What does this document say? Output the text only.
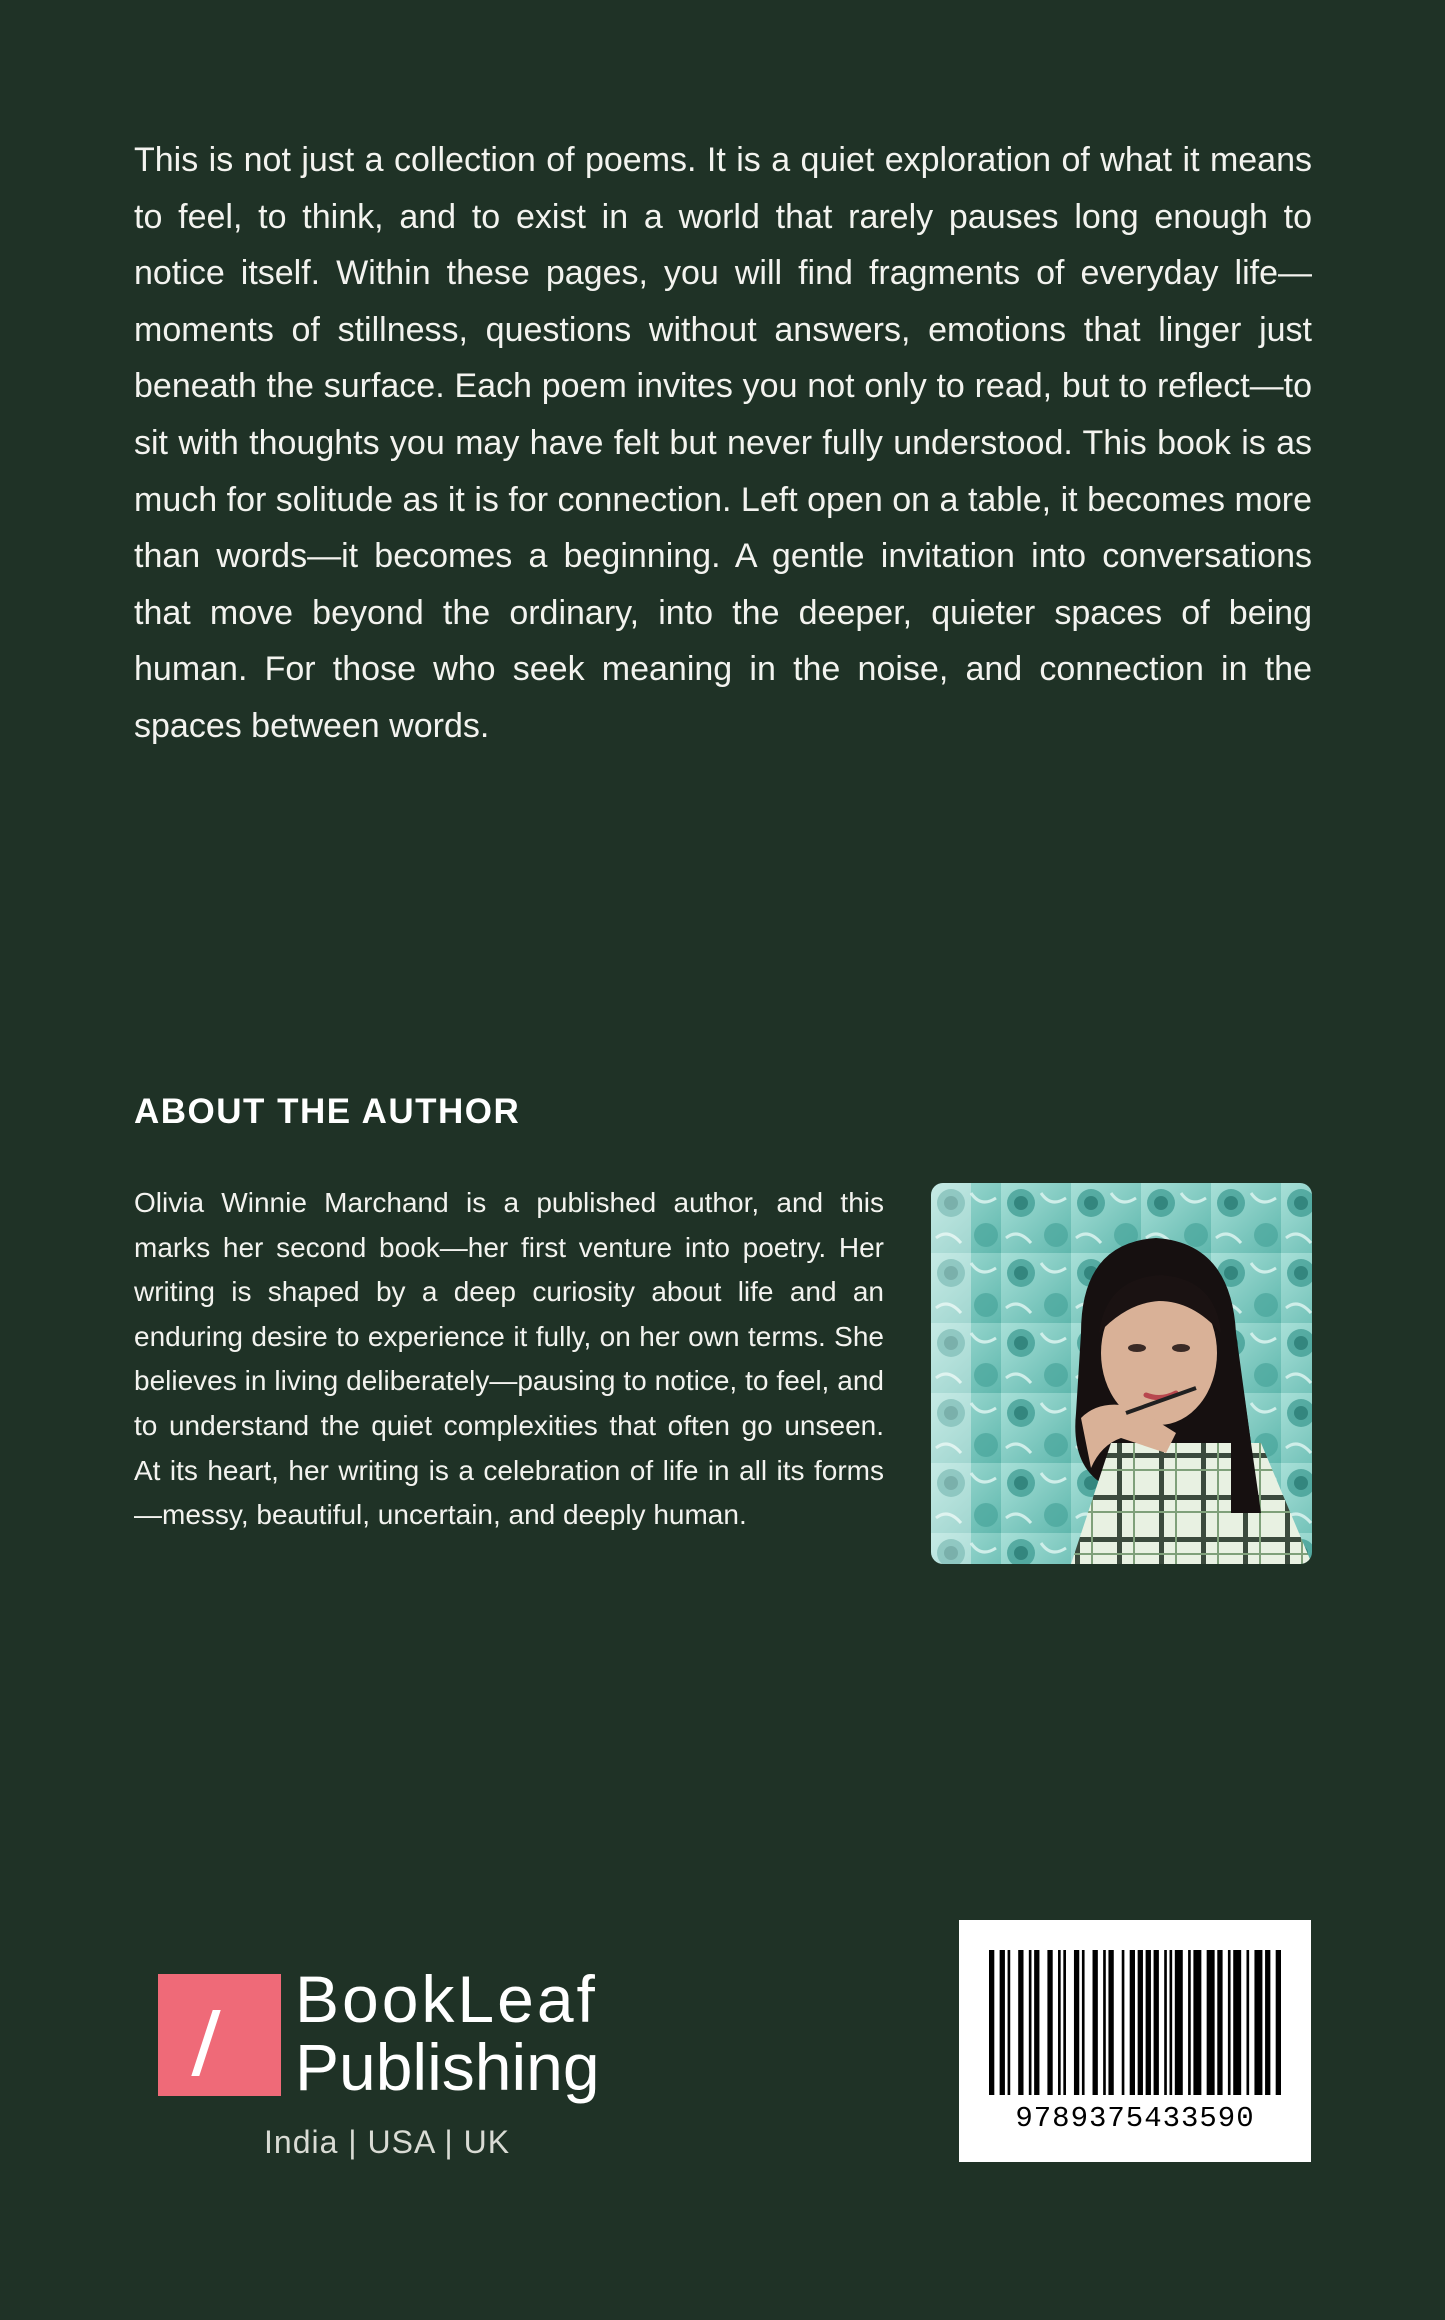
This is not just a collection of poems. It is a quiet exploration of what it means to feel, to think, and to exist in a world that rarely pauses long enough to notice itself. Within these pages, you will find fragments of everyday life—moments of stillness, questions without answers, emotions that linger just beneath the surface. Each poem invites you not only to read, but to reflect—to sit with thoughts you may have felt but never fully understood. This book is as much for solitude as it is for connection. Left open on a table, it becomes more than words—it becomes a beginning. A gentle invitation into conversations that move beyond the ordinary, into the deeper, quieter spaces of being human. For those who seek meaning in the noise, and connection in the spaces between words.

ABOUT THE AUTHOR

Olivia Winnie Marchand is a published author, and this marks her second book—her first venture into poetry. Her writing is shaped by a deep curiosity about life and an enduring desire to experience it fully, on her own terms. She believes in living deliberately—pausing to notice, to feel, and to understand the quiet complexities that often go unseen. At its heart, her writing is a celebration of life in all its forms—messy, beautiful, uncertain, and deeply human.

BookLeaf
Publishing
India | USA | UK
9789375433590
